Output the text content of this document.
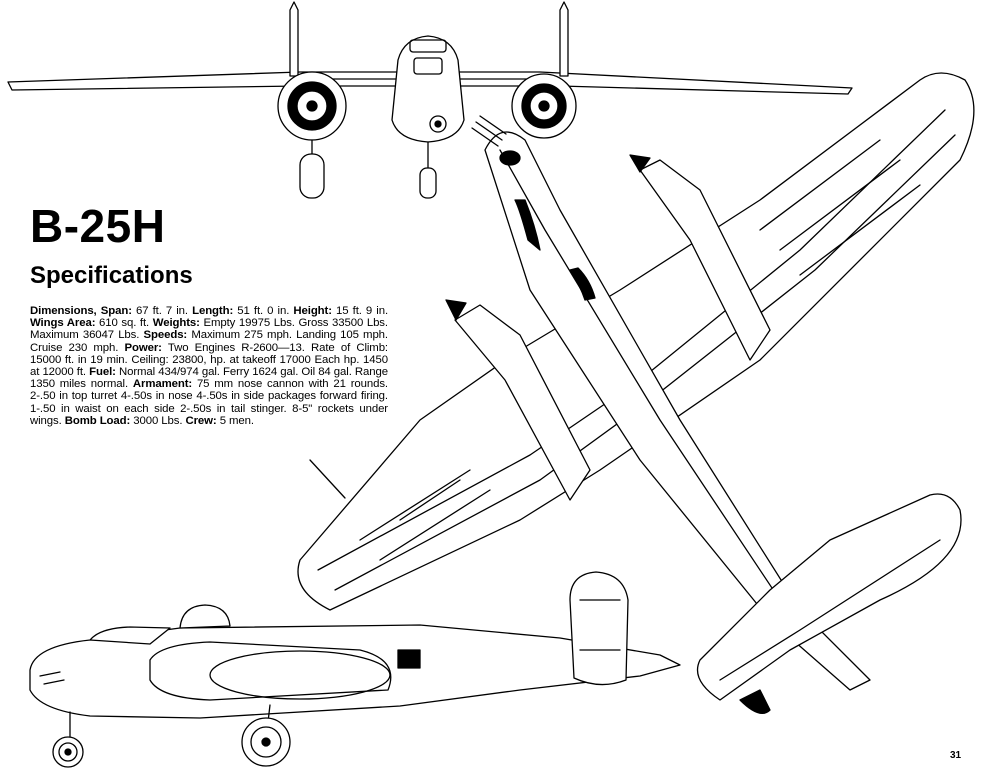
B-25H
Specifications
Dimensions, Span: 67 ft. 7 in. Length: 51 ft. 0 in. Height: 15 ft. 9 in. Wings Area: 610 sq. ft. Weights: Empty 19975 Lbs. Gross 33500 Lbs. Maximum 36047 Lbs. Speeds: Maximum 275 mph. Landing 105 mph. Cruise 230 mph. Power: Two Engines R-2600—13. Rate of Climb: 15000 ft. in 19 min. Ceiling: 23800, hp. at takeoff 17000 Each hp. 1450 at 12000 ft. Fuel: Normal 434/974 gal. Ferry 1624 gal. Oil 84 gal. Range 1350 miles normal. Armament: 75 mm nose cannon with 21 rounds. 2-.50 in top turret 4-.50s in nose 4-.50s in side packages forward firing. 1-.50 in waist on each side 2-.50s in tail stinger. 8-5" rockets under wings. Bomb Load: 3000 Lbs. Crew: 5 men.
31
